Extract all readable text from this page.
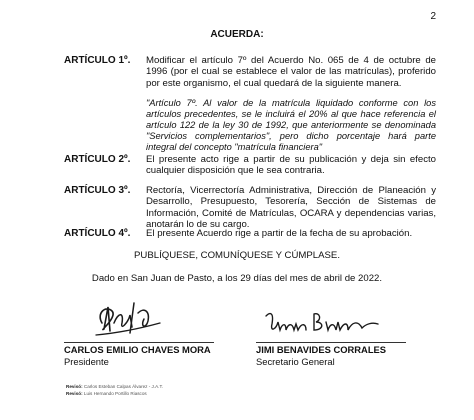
2
ACUERDA:
ARTÍCULO 1º. Modificar el artículo 7º del Acuerdo No. 065 de 4 de octubre de 1996 (por el cual se establece el valor de las matrículas), proferido por este organismo, el cual quedará de la siguiente manera.
"Artículo 7º. Al valor de la matrícula liquidado conforme con los artículos precedentes, se le incluirá el 20% al que hace referencia el artículo 122 de la ley 30 de 1992, que anteriormente se denominada "Servicios complementarios", pero dicho porcentaje hará parte integral del concepto "matrícula financiera"
ARTÍCULO 2º. El presente acto rige a partir de su publicación y deja sin efecto cualquier disposición que le sea contraria.
ARTÍCULO 3º. Rectoría, Vicerrectoría Administrativa, Dirección de Planeación y Desarrollo, Presupuesto, Tesorería, Sección de Sistemas de Información, Comité de Matrículas, OCARA y dependencias varias, anotarán lo de su cargo.
ARTÍCULO 4º. El presente Acuerdo rige a partir de la fecha de su aprobación.
PUBLÍQUESE, COMUNÍQUESE Y CÚMPLASE.
Dado en San Juan de Pasto, a los 29 días del mes de abril de 2022.
CARLOS EMILIO CHAVES MORA
Presidente
JIMI BENAVIDES CORRALES
Secretario General
Revisó: Carlos Esteban Calpas Álvarez - J.A.T.
Revisó: Luis Hernando Portillo Riascos
